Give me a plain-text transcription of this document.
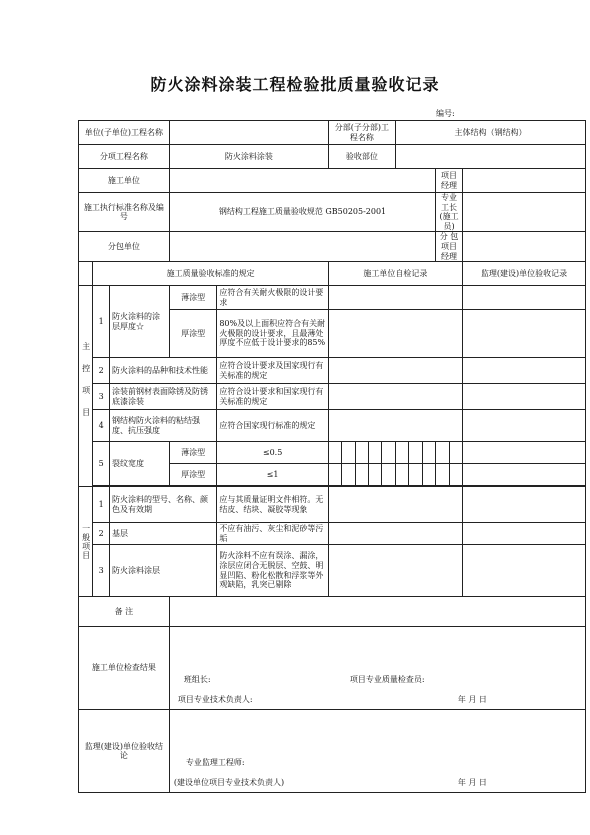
防火涂料涂装工程检验批质量验收记录
编号:
单位(子单位)工程名称					分部(子分部)工程名称					主体结构（钢结构）					
分项工程名称			防火涂料涂装		验收部位										
施工单位													项目经理		
施工执行标准名称及编号			钢结构工程施工质量验收规范 GB50205-2001										专业工长(施工员)		
分包单位													分 包项目经理		
	施工质量验收标准的规定				施工单位自检记录										监理(建设)单位验收记录

主控项目	1	防火涂料的涂层厚度☆	薄涂型	应符合有关耐火极限的设计要求											
			厚涂型	80%及以上面积应符合有关耐火极限的设计要求，且最薄处厚度不应低于设计要求的85%											
	2	防火涂料的品种和技术性能		应符合设计要求及国家现行有关标准的规定											
	3	涂装前钢材表面除锈及防锈底漆涂装		应符合设计要求和国家现行有关标准的规定											
	4	钢结构防火涂料的粘结强度、抗压强度		应符合国家现行标准的规定											
	5	裂纹宽度	薄涂型	≤0.5											
			厚涂型	≤1											

一般项目	1	防火涂料的型号、名称、颜色及有效期		应与其质量证明文件相符。无结皮、结块、凝胶等现象											
	2	基层		不应有油污、灰尘和泥砂等污垢											
	3	防火涂料涂层		防火涂料不应有误涂、漏涂，涂层应闭合无脱层、空鼓、明显凹陷、粉化松散和浮浆等外观缺陷，乳突已剔除											
备 注															
施工单位检查结果			班组长: 项目专业质量检查员:
项目专业技术负责人: 年 月 日												

监理(建设)单位验收结论			专业监理工程师:
(建设单位项目专业技术负责人) 年 月 日												
